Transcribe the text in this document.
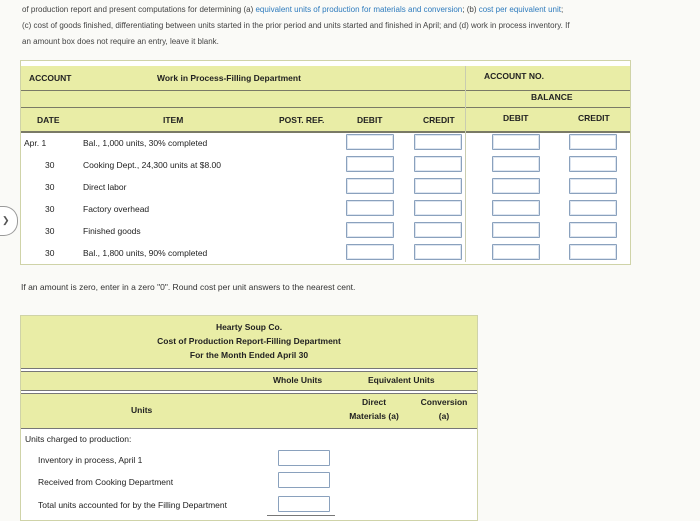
of production report and present computations for determining (a) equivalent units of production for materials and conversion; (b) cost per equivalent unit;
(c) cost of goods finished, differentiating between units started in the prior period and units started and finished in April; and (d) work in process inventory. If
an amount box does not require an entry, leave it blank.
ACCOUNT	Work in Process-Filling Department	ACCOUNT NO.
BALANCE
DATE	ITEM	POST. REF.	DEBIT	CREDIT	DEBIT	CREDIT
Apr. 1	Bal., 1,000 units, 30% completed
30	Cooking Dept., 24,300 units at $8.00
30	Direct labor
30	Factory overhead
30	Finished goods
30	Bal., 1,800 units, 90% completed
❯
If an amount is zero, enter in a zero "0". Round cost per unit answers to the nearest cent.
Hearty Soup Co.
Cost of Production Report-Filling Department
For the Month Ended April 30
Whole Units	Equivalent Units
Units
Direct
Materials (a)
Conversion
(a)
Units charged to production:
Inventory in process, April 1
Received from Cooking Department
Total units accounted for by the Filling Department
